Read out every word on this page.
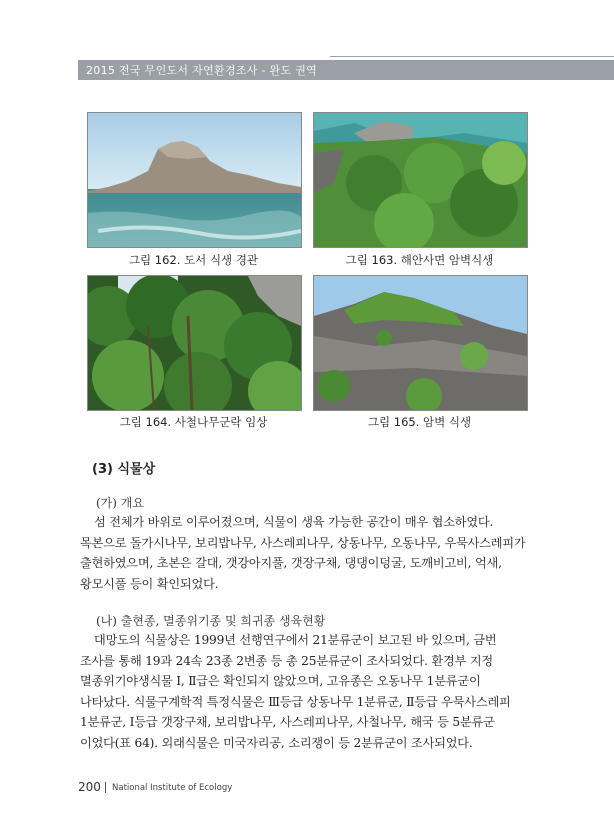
2015 전국 무인도서 자연환경조사 - 완도 권역
그림 162. 도서 식생 경관	그림 163. 해안사면 암벽식생
그림 164. 사철나무군락 임상	그림 165. 암벽 식생
(3) 식물상
(가) 개요
섬 전체가 바위로 이루어졌으며, 식물이 생육 가능한 공간이 매우 협소하였다.
목본으로 돌가시나무, 보리밥나무, 사스레피나무, 상동나무, 오동나무, 우묵사스레피가
출현하였으며, 초본은 갈대, 갯강아지풀, 갯장구채, 댕댕이덩굴, 도깨비고비, 억새,
왕모시풀 등이 확인되었다.
(나) 출현종, 멸종위기종 및 희귀종 생육현황
대망도의 식물상은 1999년 선행연구에서 21분류군이 보고된 바 있으며, 금번
조사를 통해 19과 24속 23종 2변종 등 총 25분류군이 조사되었다. 환경부 지정
멸종위기야생식물 Ⅰ, Ⅱ급은 확인되지 않았으며, 고유종은 오동나무 1분류군이
나타났다. 식물구계학적 특정식물은 Ⅲ등급 상동나무 1분류군, Ⅱ등급 우묵사스레피
1분류군, Ⅰ등급 갯장구채, 보리밥나무, 사스레피나무, 사철나무, 해국 등 5분류군
이었다(표 64). 외래식물은 미국자리공, 소리쟁이 등 2분류군이 조사되었다.
200 National Institute of Ecology
